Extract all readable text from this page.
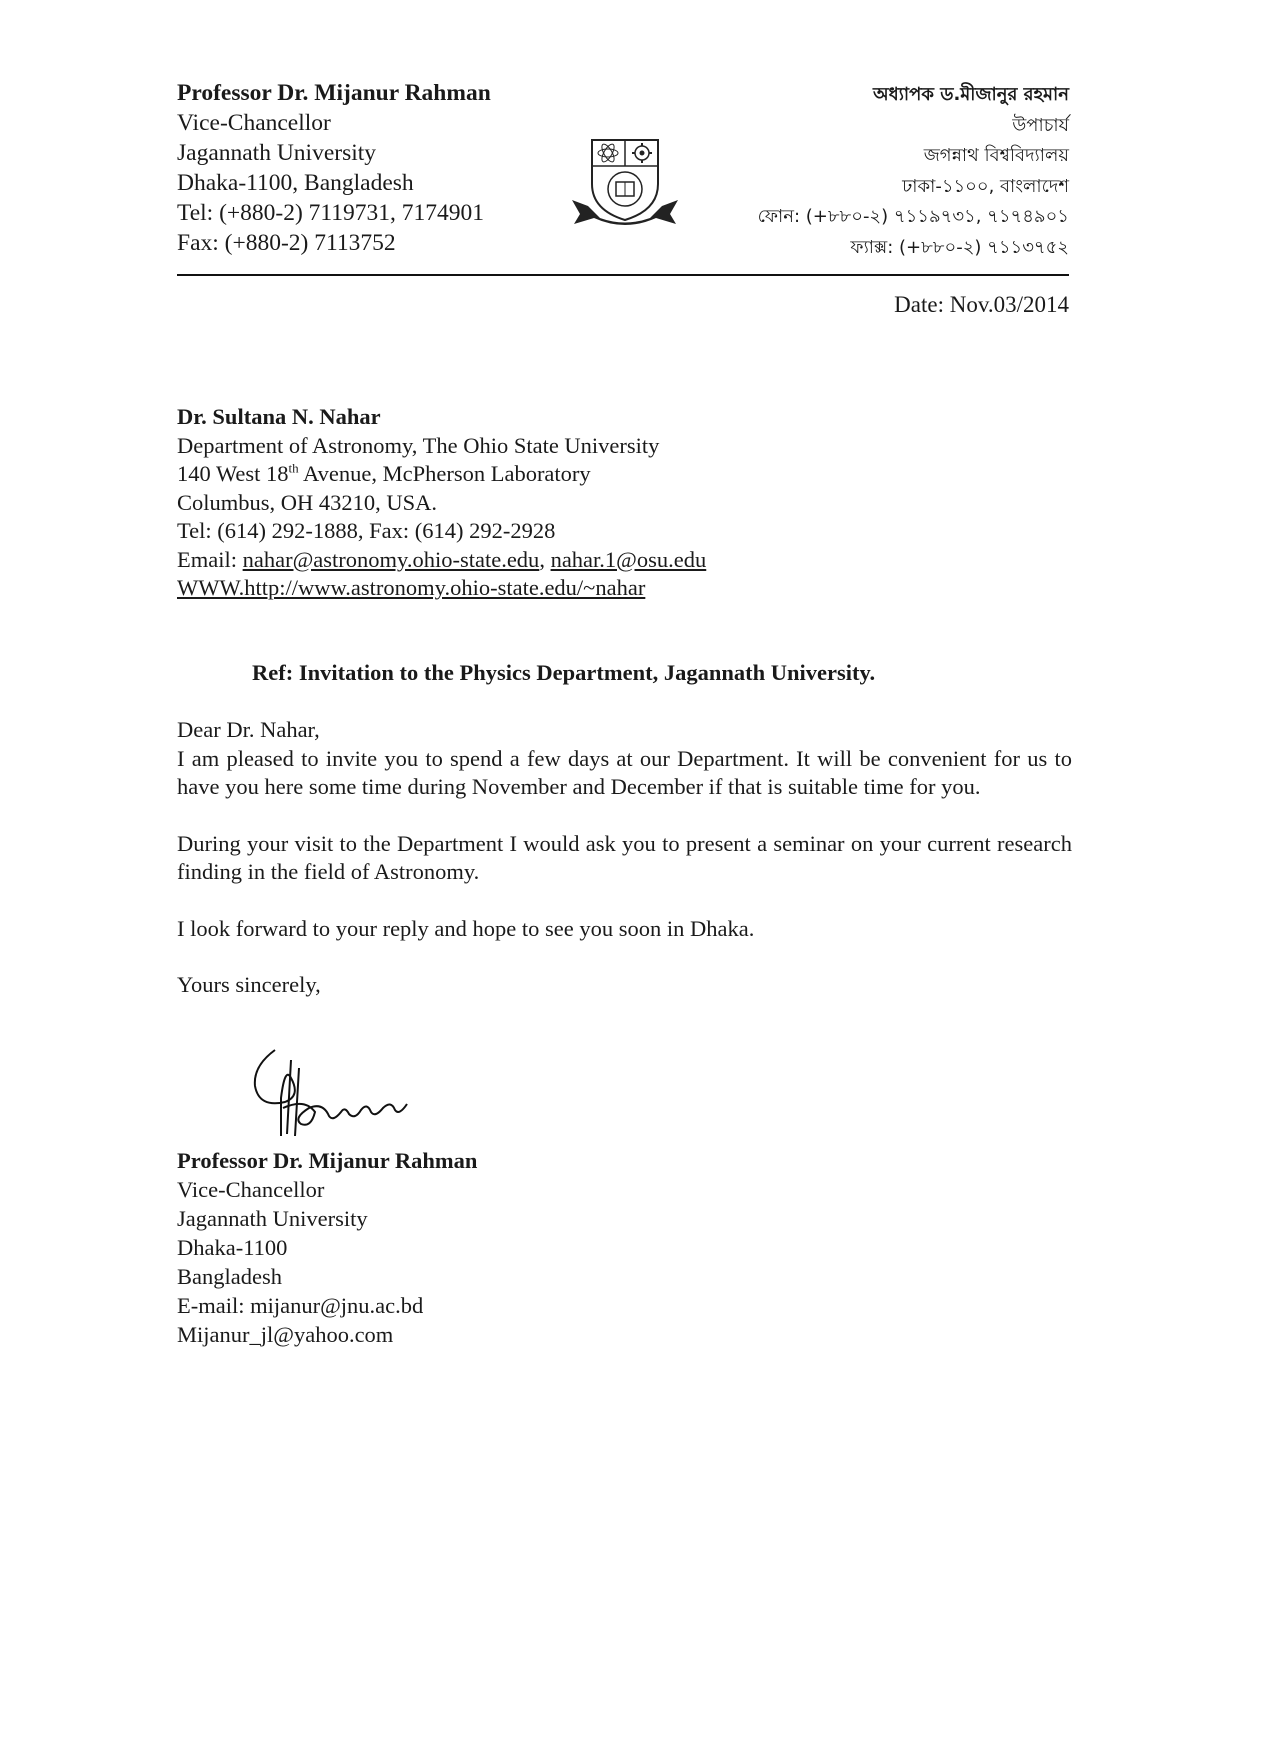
Professor Dr. Mijanur Rahman
Vice-Chancellor
Jagannath University
Dhaka-1100, Bangladesh
Tel: (+880-2) 7119731, 7174901
Fax: (+880-2) 7113752
অধ্যাপক ড.মীজানুর রহমান
উপাচার্য
জগন্নাথ বিশ্ববিদ্যালয়
ঢাকা-১১০০, বাংলাদেশ
ফোন: (+৮৮০-২) ৭১১৯৭৩১, ৭১৭৪৯০১
ফ্যাক্স: (+৮৮০-২) ৭১১৩৭৫২
Date: Nov.03/2014
Dr. Sultana N. Nahar
Department of Astronomy, The Ohio State University
140 West 18th Avenue, McPherson Laboratory
Columbus, OH 43210, USA.
Tel: (614) 292-1888, Fax: (614) 292-2928
Email: nahar@astronomy.ohio-state.edu, nahar.1@osu.edu
WWW.http://www.astronomy.ohio-state.edu/~nahar
Ref: Invitation to the Physics Department, Jagannath University.

Dear Dr. Nahar,

I am pleased to invite you to spend a few days at our Department. It will be convenient for us to have you here some time during November and December if that is suitable time for you.

During your visit to the Department I would ask you to present a seminar on your current research finding in the field of Astronomy.

I look forward to your reply and hope to see you soon in Dhaka.

Yours sincerely,

Professor Dr. Mijanur Rahman
Vice-Chancellor
Jagannath University
Dhaka-1100
Bangladesh
E-mail: mijanur@jnu.ac.bd
Mijanur_jl@yahoo.com
